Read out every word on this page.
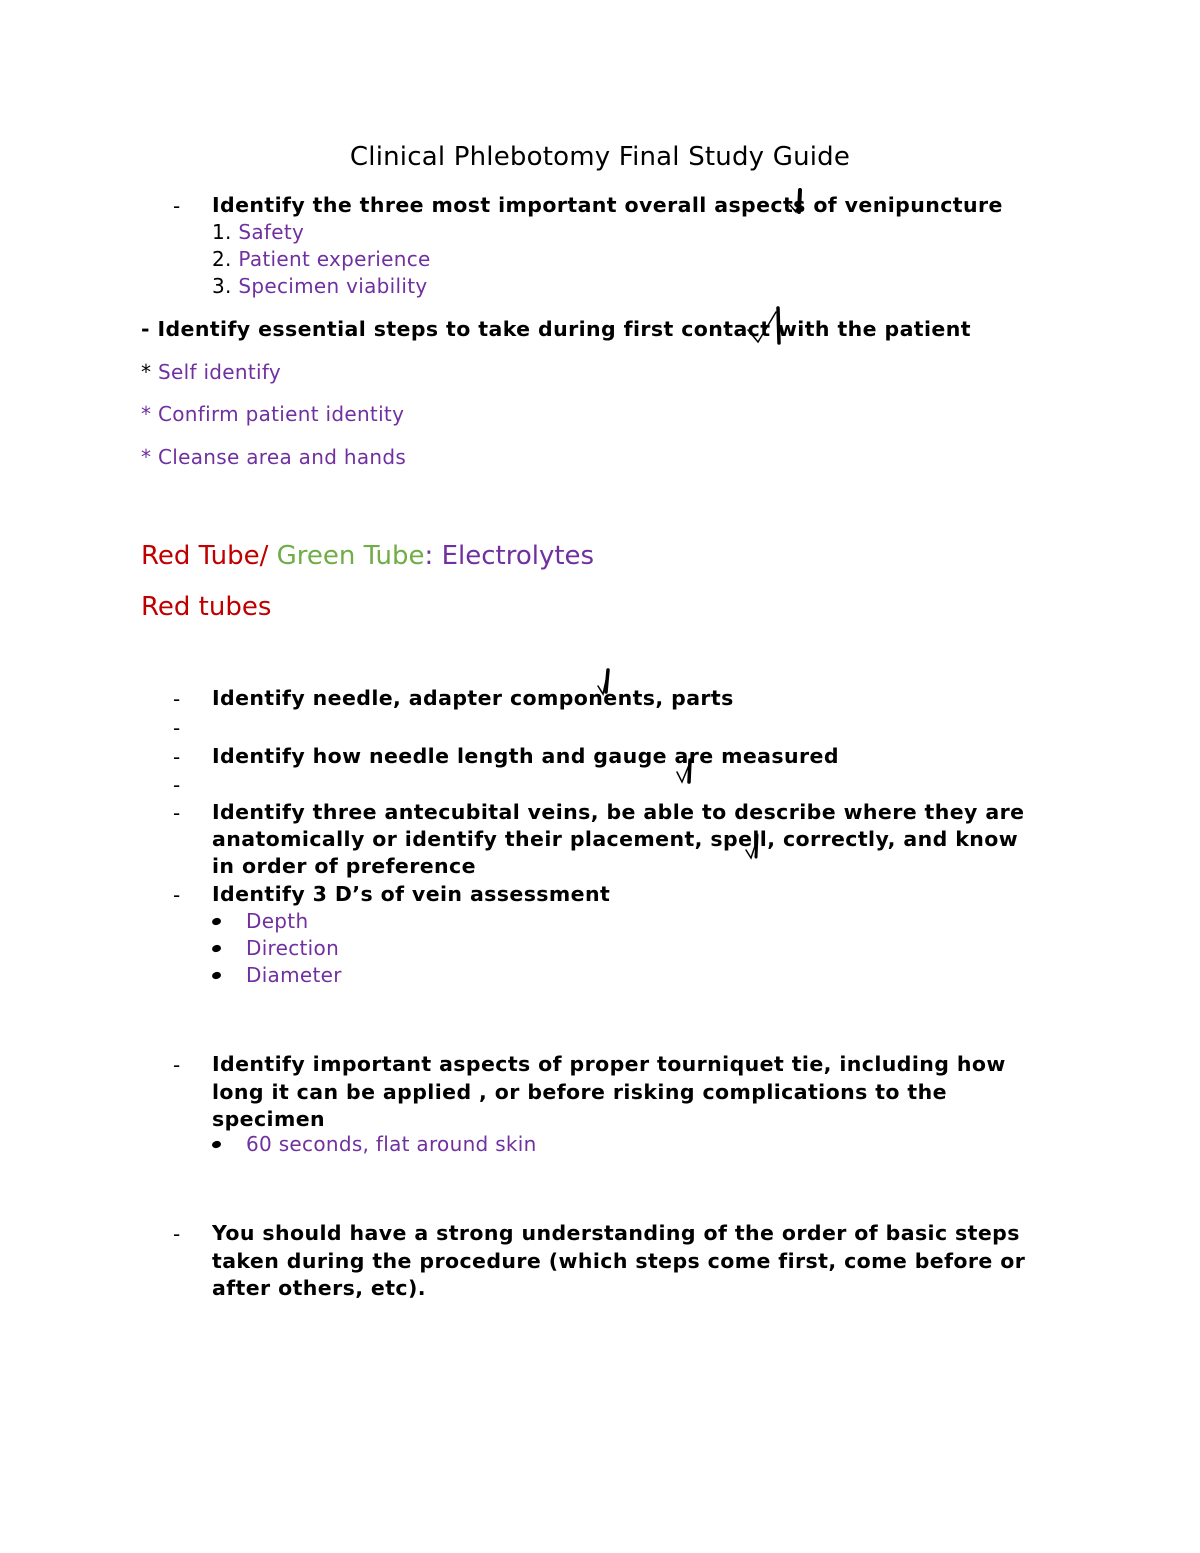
Clinical Phlebotomy Final Study Guide
- Identify the three most important overall aspects of venipuncture
1. Safety
2. Patient experience
3. Specimen viability
- Identify essential steps to take during first contact with the patient
* Self identify
* Confirm patient identity
* Cleanse area and hands
Red Tube/ Green Tube: Electrolytes
Red tubes
- Identify needle, adapter components, parts
-
- Identify how needle length and gauge are measured
-
- Identify three antecubital veins, be able to describe where they are
anatomically or identify their placement, spell, correctly, and know
in order of preference
- Identify 3 D’s of vein assessment
Depth
Direction
Diameter
- Identify important aspects of proper tourniquet tie, including how
long it can be applied , or before risking complications to the
specimen
60 seconds, flat around skin
- You should have a strong understanding of the order of basic steps
taken during the procedure (which steps come first, come before or
after others, etc).
